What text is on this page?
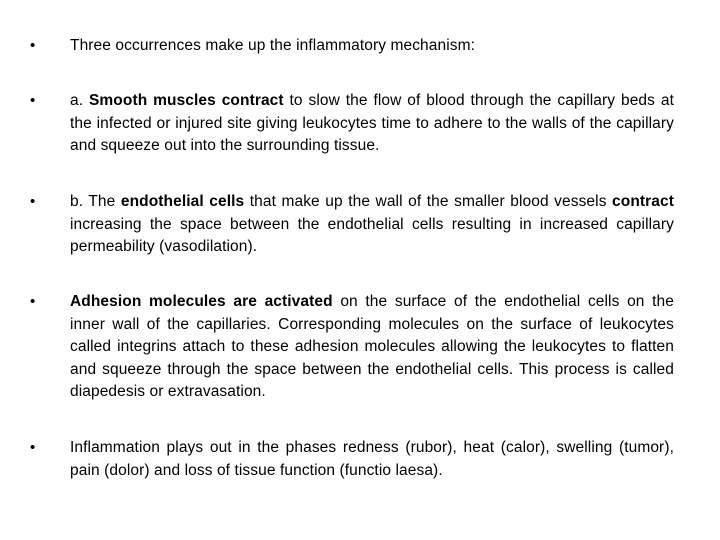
• Three occurrences make up the inflammatory mechanism:
• a. Smooth muscles contract to slow the flow of blood through the capillary beds at the infected or injured site giving leukocytes time to adhere to the walls of the capillary and squeeze out into the surrounding tissue.
• b. The endothelial cells that make up the wall of the smaller blood vessels contract increasing the space between the endothelial cells resulting in increased capillary permeability (vasodilation).
• Adhesion molecules are activated on the surface of the endothelial cells on the inner wall of the capillaries. Corresponding molecules on the surface of leukocytes called integrins attach to these adhesion molecules allowing the leukocytes to flatten and squeeze through the space between the endothelial cells. This process is called diapedesis or extravasation.
• Inflammation plays out in the phases redness (rubor), heat (calor), swelling (tumor), pain (dolor) and loss of tissue function (functio laesa).
